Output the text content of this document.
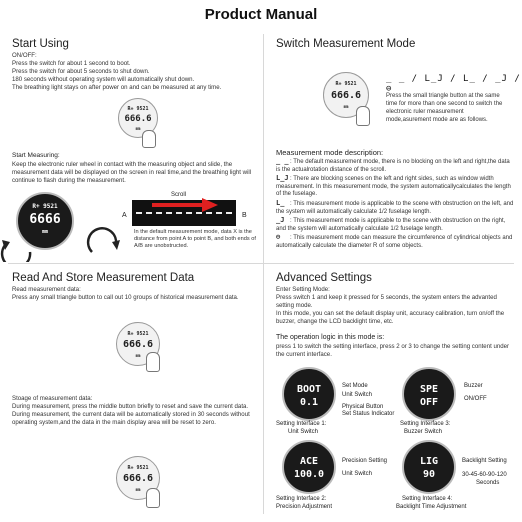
Product Manual
Start Using
ON/OFF:
Press the switch for about 1 second to boot.
Press the switch for about 5 seconds to shut down.
180 seconds without operating system will automatically shut down.
The breathing light stays on after power on and can be measured at any time.
R+ 9521
666.6
mm
Start Measuring:
Keep the electronic ruler wheel in contact with the measuring object and slide, the measurement data will be displayed on the screen in real time,and the breathing light will continue to flash during the measurement.
R+ 9521
6666
mm
A	B
Scroll
In the default measurement mode, data X is the distance from point A to point B, and both ends of A/B are unobstructed.
Switch Measurement Mode
_ _ / L_J / L_ / _J / ⊖
R+ 9521
666.6
mm
Press the small triangle button at the same time for more than one second to switch the electronic ruler measurement mode,asurement mode are as follows.
Measurement mode description:
_ _: The default measurement mode, there is no blocking on the left and right,the data is the actualrotation distance of the scroll.
L_J: There are blocking scenes on the left and right sides, such as window width measurement. In this measurement mode, the system automaticallycalculates the length of the fuselage.
L_ : This measurement mode is applicable to the scene with obstruction on the left, and the system will automatically calculate 1/2 fuselage length.
_J : This measurement mode is applicable to the scene with obstruction on the right, and the system will automatically calculate 1/2 fuselage length.
⊖ : This measurement mode can measure the circumference of cylindrical objects and automatically calculate the diameter R of some objects.
Read And Store Measurement Data
Read measurement data:
Press any small triangle button to call out 10 groups of historical measurement data.
R+ 9521
666.6
mm
Stoage of measurement data:
During measurement, press the middle button briefly to reset and save the current data.
During measurement, the current data will be automatically stored in 30 seconds without operating system,and the data in the main display area will be reset to zero.
R+ 9521
666.6
mm
Advanced Settings
Enter Setting Mode:
Press switch 1 and keep it pressed for 5 seconds, the system enters the advanted setting mode.
In this mode, you can set the default display unit, accuracy calibration, turn on/off the buzzer, change the LCD backlight time, etc.
The operation logic in this mode is:
press 1 to switch the setting interface, press 2 or 3 to change the setting content under the current interface.
BOOT
0.1
Set Mode
Unit Switch
Physical Button
Set Status Indicator
Setting Interface 1:
Unit Switch
SPE
OFF
Buzzer
ON/OFF
Setting Interface 3:
Buzzer Switch
ACE
100.0
Precision Setting
Unit Switch
Setting Interface 2:
Precision Adjustment
LIG
90
Backlight Setting
30-45-60-90-120
Seconds
Setting Interface 4:
Backlight Time Adjustment
